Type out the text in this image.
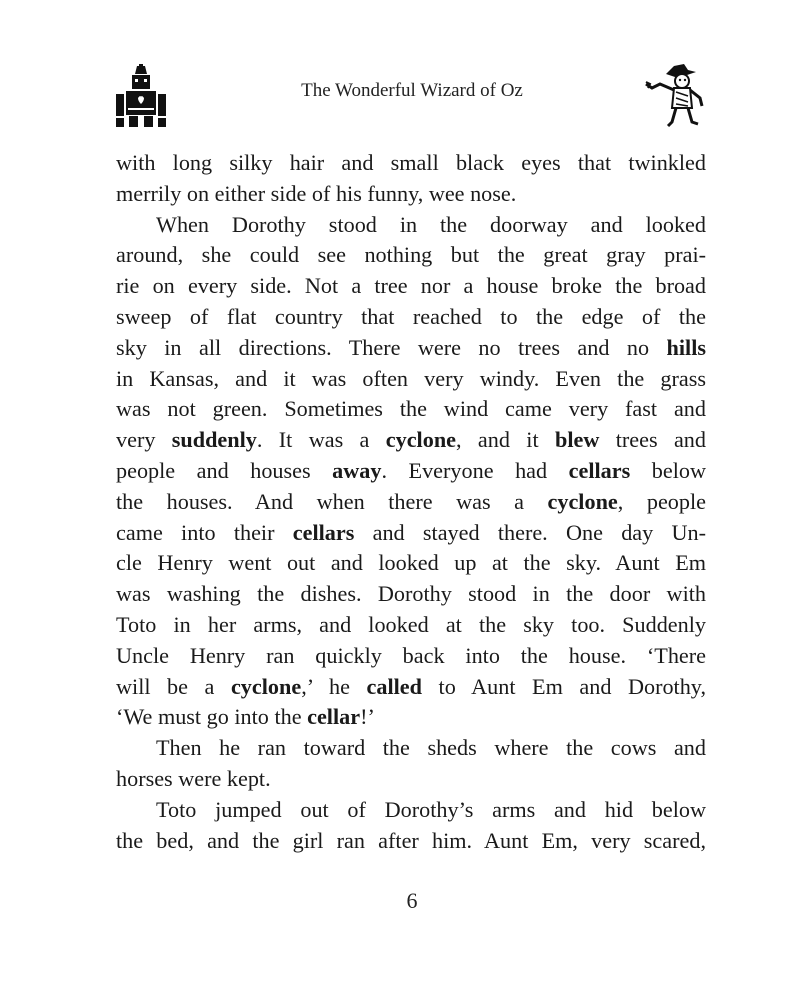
The Wonderful Wizard of Oz
with long silky hair and small black eyes that twinkled
merrily on either side of his funny, wee nose.
When Dorothy stood in the doorway and looked
around, she could see nothing but the great gray prai-
rie on every side. Not a tree nor a house broke the broad
sweep of flat country that reached to the edge of the
sky in all directions. There were no trees and no hills
in Kansas, and it was often very windy. Even the grass
was not green. Sometimes the wind came very fast and
very suddenly. It was a cyclone, and it blew trees and
people and houses away. Everyone had cellars below
the houses. And when there was a cyclone, people
came into their cellars and stayed there. One day Un-
cle Henry went out and looked up at the sky. Aunt Em
was washing the dishes. Dorothy stood in the door with
Toto in her arms, and looked at the sky too. Suddenly
Uncle Henry ran quickly back into the house. ‘There
will be a cyclone,’ he called to Aunt Em and Dorothy,
‘We must go into the cellar!’
Then he ran toward the sheds where the cows and
horses were kept.
Toto jumped out of Dorothy’s arms and hid below
the bed, and the girl ran after him. Aunt Em, very scared,
6
